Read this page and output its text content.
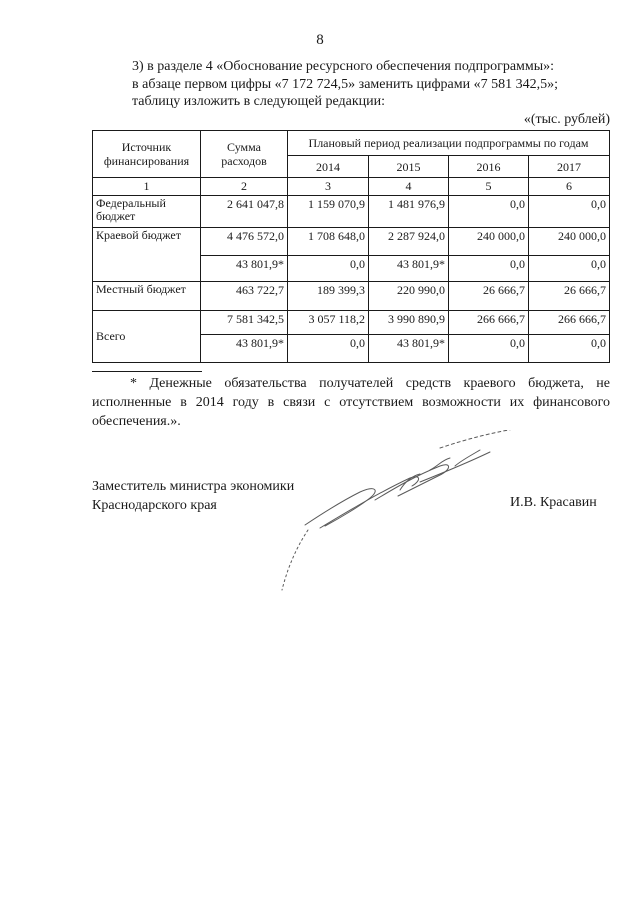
8

3) в разделе 4 «Обоснование ресурсного обеспечения подпрограммы»:

в абзаце первом цифры «7 172 724,5» заменить цифрами «7 581 342,5»;

таблицу изложить в следующей редакции:

«(тыс. рублей)
Источник финансирования	Сумма расходов	Плановый период реализации подпрограммы по годам			
		2014	2015	2016	2017
1	2	3	4	5	6
Федеральный бюджет	2 641 047,8	1 159 070,9	1 481 976,9	0,0	0,0
Краевой бюджет	4 476 572,0	1 708 648,0	2 287 924,0	240 000,0	240 000,0
	43 801,9*	0,0	43 801,9*	0,0	0,0
Местный бюджет	463 722,7	189 399,3	220 990,0	26 666,7	26 666,7
Всего	7 581 342,5	3 057 118,2	3 990 890,9	266 666,7	266 666,7
	43 801,9*	0,0	43 801,9*	0,0	0,0
* Денежные обязательства получателей средств краевого бюджета, не исполненные в 2014 году в связи с отсутствием возможности их финансового обеспечения.».
Заместитель министра экономики
Краснодарского края	И.В. Красавин
